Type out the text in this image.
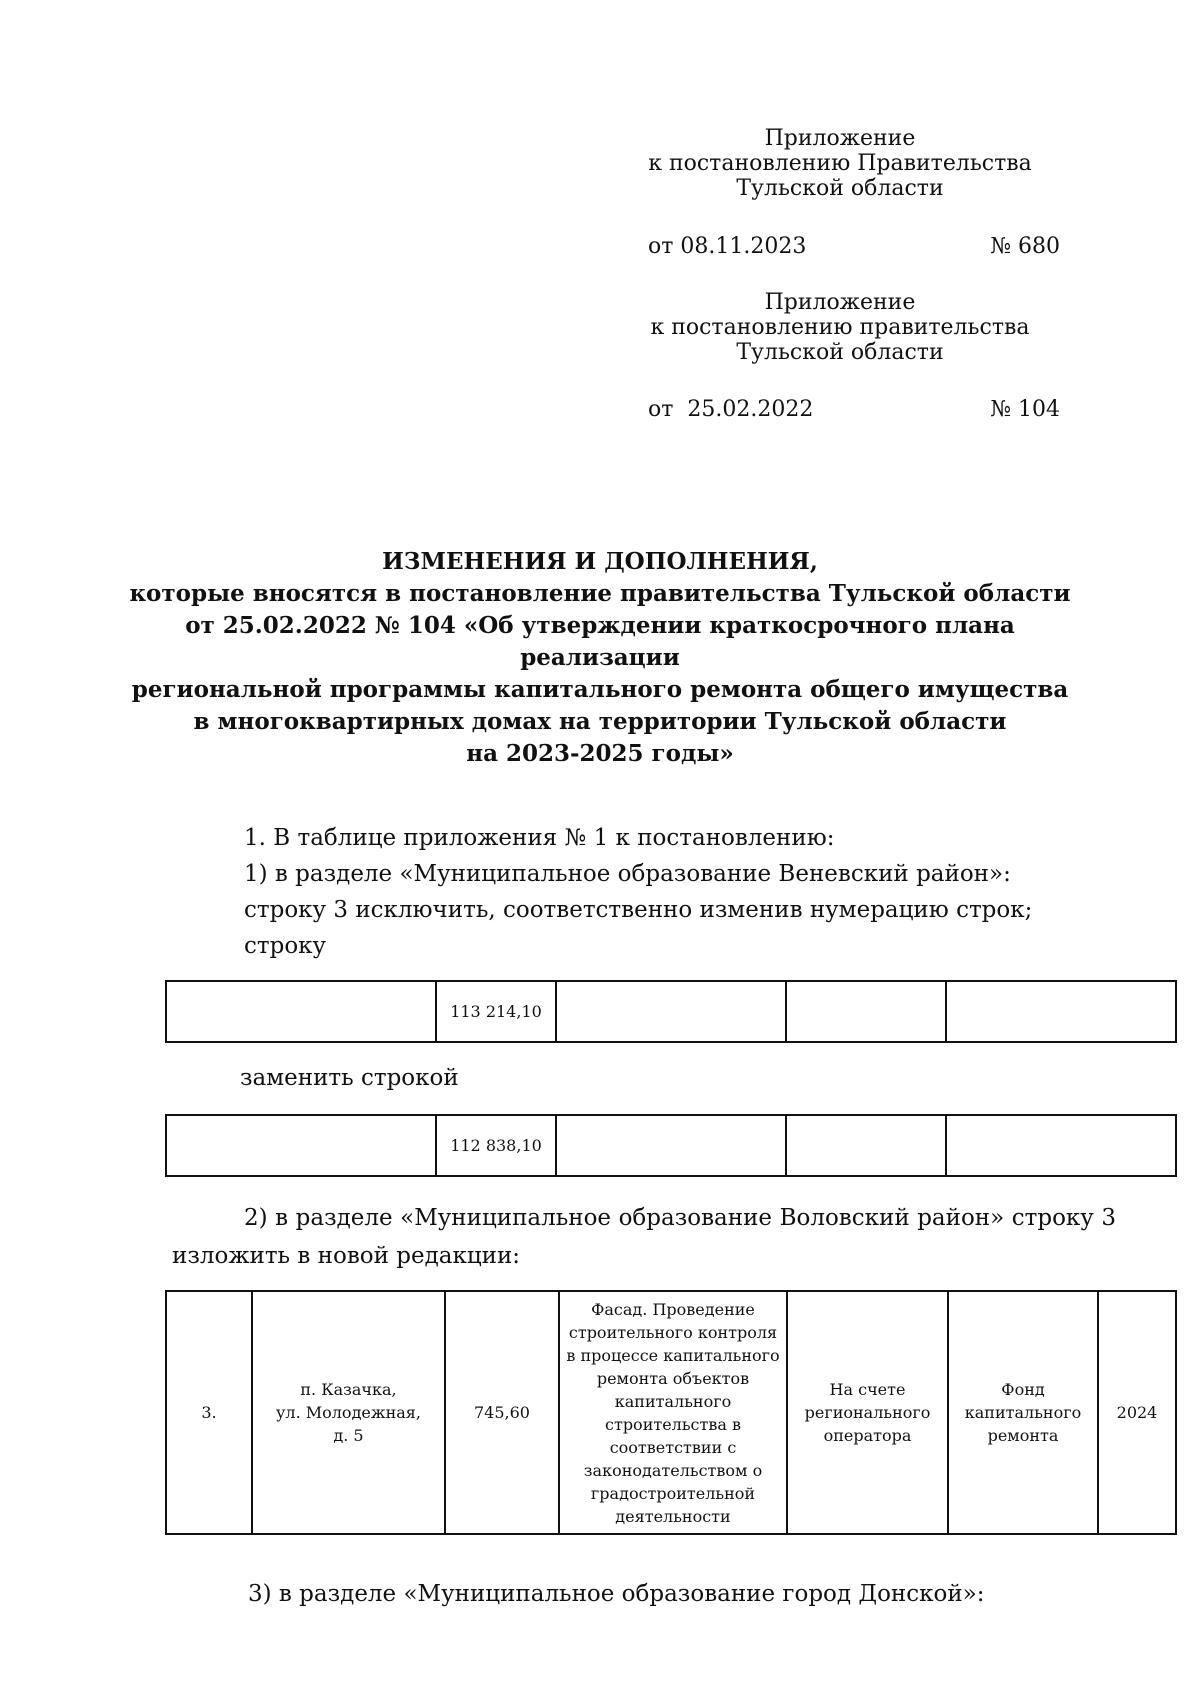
Приложение
к постановлению Правительства
Тульской области
от 08.11.2023	№ 680
Приложение
к постановлению правительства
Тульской области
от  25.02.2022	№ 104
ИЗМЕНЕНИЯ И ДОПОЛНЕНИЯ,
которые вносятся в постановление правительства Тульской области
от 25.02.2022 № 104 «Об утверждении краткосрочного плана реализации
региональной программы капитального ремонта общего имущества
в многоквартирных домах на территории Тульской области
на 2023-2025 годы»
1. В таблице приложения № 1 к постановлению:
1) в разделе «Муниципальное образование Веневский район»:
строку 3 исключить, соответственно изменив нумерацию строк;
строку
	113 214,10			
заменить строкой
	112 838,10			
2) в разделе «Муниципальное образование Воловский район» строку 3
изложить в новой редакции:
3.	п. Казачка,
ул. Молодежная,
д. 5	745,60	Фасад. Проведение строительного контроля в процессе капитального ремонта объектов капитального строительства в соответствии с законодательством о градостроительной деятельности	На счете
регионального
оператора	Фонд
капитального
ремонта	2024
3) в разделе «Муниципальное образование город Донской»:
